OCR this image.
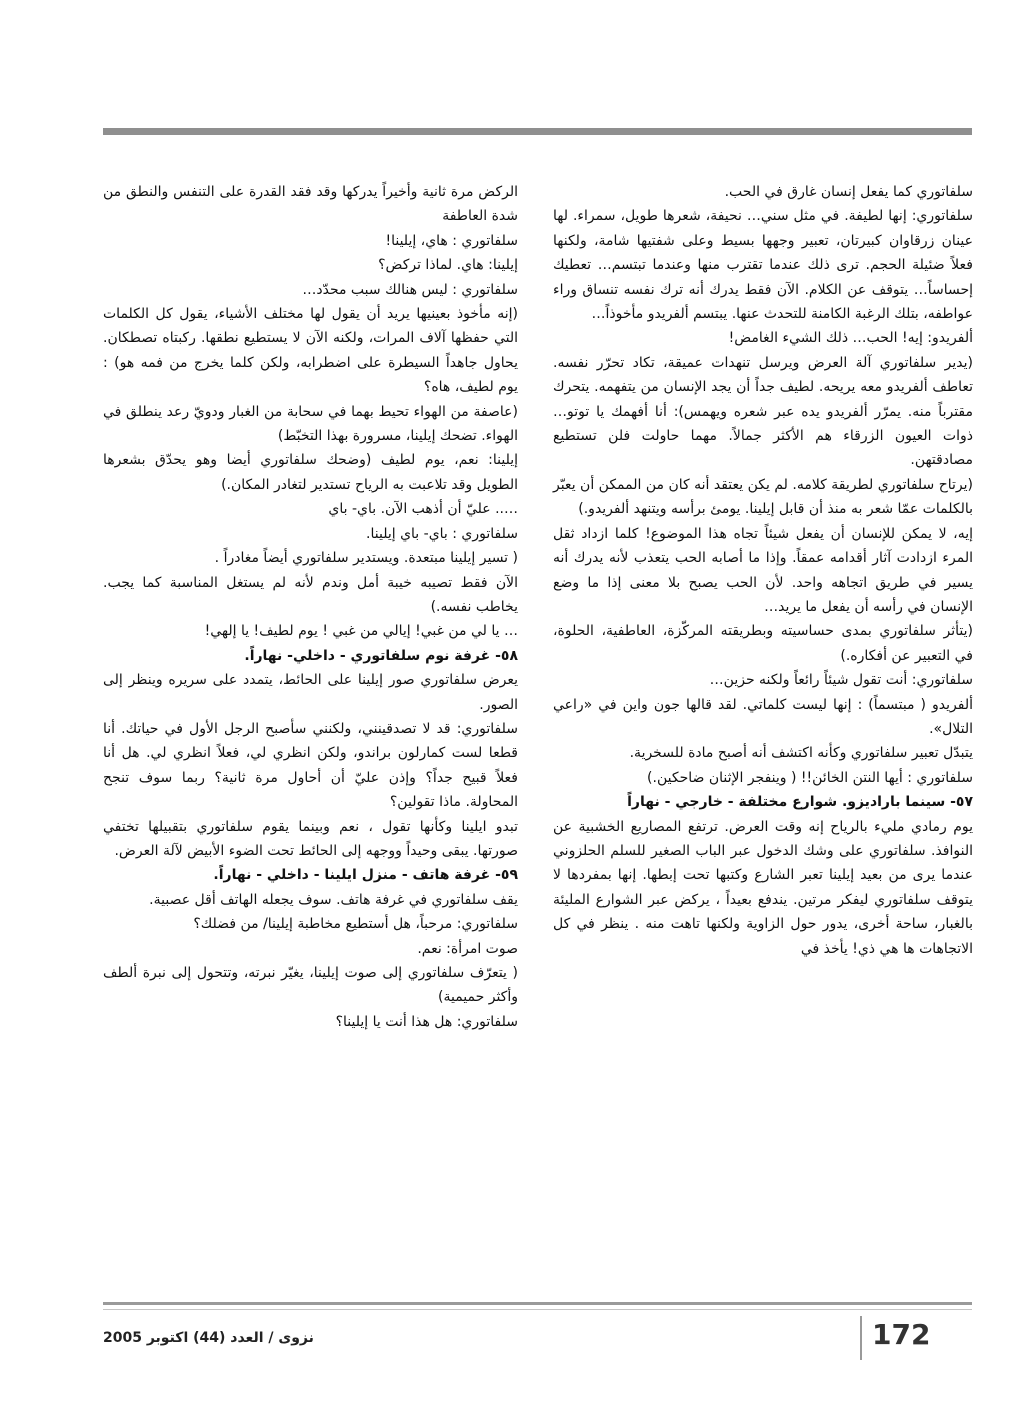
سلفاتوري كما يفعل إنسان غارق في الحب.

سلفاتوري: إنها لطيفة. في مثل سني… نحيفة، شعرها طويل، سمراء. لها عينان زرقاوان كبيرتان، تعبير وجهها بسيط وعلى شفتيها شامة، ولكنها فعلاً ضئيلة الحجم. ترى ذلك عندما تقترب منها وعندما تبتسم… تعطيك إحساساً… يتوقف عن الكلام. الآن فقط يدرك أنه ترك نفسه تنساق وراء عواطفه، بتلك الرغبة الكامنة للتحدث عنها. يبتسم ألفريدو مأخوذاً…

ألفريدو: إيه! الحب… ذلك الشيء الغامض!

(يدير سلفاتوري آلة العرض ويرسل تنهدات عميقة، تكاد تحرّر نفسه. تعاطف ألفريدو معه يريحه. لطيف جداً أن يجد الإنسان من يتفهمه. يتحرك مقترباً منه. يمرّر ألفريدو يده عبر شعره ويهمس): أنا أفهمك يا توتو… ذوات العيون الزرقاء هم الأكثر جمالاً. مهما حاولت فلن تستطيع مصادقتهن.

(يرتاح سلفاتوري لطريقة كلامه. لم يكن يعتقد أنه كان من الممكن أن يعبّر بالكلمات عمّا شعر به منذ أن قابل إيلينا. يومئ برأسه ويتنهد ألفريدو.)

إيه، لا يمكن للإنسان أن يفعل شيئاً تجاه هذا الموضوع! كلما ازداد ثقل المرء ازدادت آثار أقدامه عمقاً. وإذا ما أصابه الحب يتعذب لأنه يدرك أنه يسير في طريق اتجاهه واحد. لأن الحب يصبح بلا معنى إذا ما وضع الإنسان في رأسه أن يفعل ما يريد…

(يتأثر سلفاتوري بمدى حساسيته وبطريقته المركّزة، العاطفية، الحلوة، في التعبير عن أفكاره.)

سلفاتوري: أنت تقول شيئاً رائعاً ولكنه حزين…

ألفريدو ( مبتسماً) : إنها ليست كلماتي. لقد قالها جون واين في «راعي التلال».

يتبدّل تعبير سلفاتوري وكأنه اكتشف أنه أصبح مادة للسخرية.

سلفاتوري : أيها النتن الخائن!! ( وينفجر الإثنان ضاحكين.)

٥٧- سينما باراديزو. شوارع مختلفة - خارجي - نهاراً

يوم رمادي مليء بالرياح إنه وقت العرض. ترتفع المصاريع الخشبية عن النوافذ. سلفاتوري على وشك الدخول عبر الباب الصغير للسلم الحلزوني عندما يرى من بعيد إيلينا تعبر الشارع وكتبها تحت إبطها. إنها بمفردها لا يتوقف سلفاتوري ليفكر مرتين. يندفع بعيداً ، يركض عبر الشوارع المليئة بالغبار، ساحة أخرى، يدور حول الزاوية ولكنها تاهت منه . ينظر في كل الاتجاهات ها هي ذي! يأخذ في

الركض مرة ثانية وأخيراً يدركها وقد فقد القدرة على التنفس والنطق من شدة العاطفة

سلفاتوري : هاي، إيلينا!

إيلينا: هاي. لماذا تركض؟

سلفاتوري : ليس هنالك سبب محدّد…

(إنه مأخوذ بعينيها يريد أن يقول لها مختلف الأشياء، يقول كل الكلمات التي حفظها آلاف المرات، ولكنه الآن لا يستطيع نطقها. ركبتاه تصطكان. يحاول جاهداً السيطرة على اضطرابه، ولكن كلما يخرج من فمه هو) : يوم لطيف، هاه؟

(عاصفة من الهواء تحيط بهما في سحابة من الغبار ودويّ رعد ينطلق في الهواء. تضحك إيلينا، مسرورة بهذا التخبّط)

إيلينا: نعم، يوم لطيف (وضحك سلفاتوري أيضا وهو يحدّق بشعرها الطويل وقد تلاعبت به الرياح تستدير لتغادر المكان.)

….. عليّ أن أذهب الآن. باي- باي

سلفاتوري : باي- باي إيلينا.

( تسير إيلينا مبتعدة. ويستدير سلفاتوري أيضاً مغادراً .

الآن فقط تصيبه خيبة أمل وندم لأنه لم يستغل المناسبة كما يجب. يخاطب نفسه.)

… يا لي من غبي! إيالي من غبي ! يوم لطيف! يا إلهي!

٥٨- غرفة نوم سلفاتوري - داخلي- نهاراً.

يعرض سلفاتوري صور إيلينا على الحائط، يتمدد على سريره وينظر إلى الصور.

سلفاتوري: قد لا تصدقينني، ولكنني سأصبح الرجل الأول في حياتك. أنا قطعا لست كمارلون براندو، ولكن انظري لي، فعلاً انظري لي. هل أنا فعلاً قبيح جداً؟ وإذن عليّ أن أحاول مرة ثانية؟ ربما سوف تنجح المحاولة. ماذا تقولين؟

تبدو ايلينا وكأنها تقول ، نعم وبينما يقوم سلفاتوري بتقبيلها تختفي صورتها. يبقى وحيداً ووجهه إلى الحائط تحت الضوء الأبيض لآلة العرض.

٥٩- غرفة هاتف - منزل ايلينا - داخلي - نهاراً.

يقف سلفاتوري في غرفة هاتف. سوف يجعله الهاتف أقل عصبية.

سلفاتوري: مرحباً، هل أستطيع مخاطبة إيلينا/ من فضلك؟

صوت امرأة: نعم.

( يتعرّف سلفاتوري إلى صوت إيلينا، يغيّر نبرته، وتتحول إلى نبرة ألطف وأكثر حميمية)

سلفاتوري: هل هذا أنت يا إيلينا؟

172
نزوى / العدد (44) اكتوبر 2005
